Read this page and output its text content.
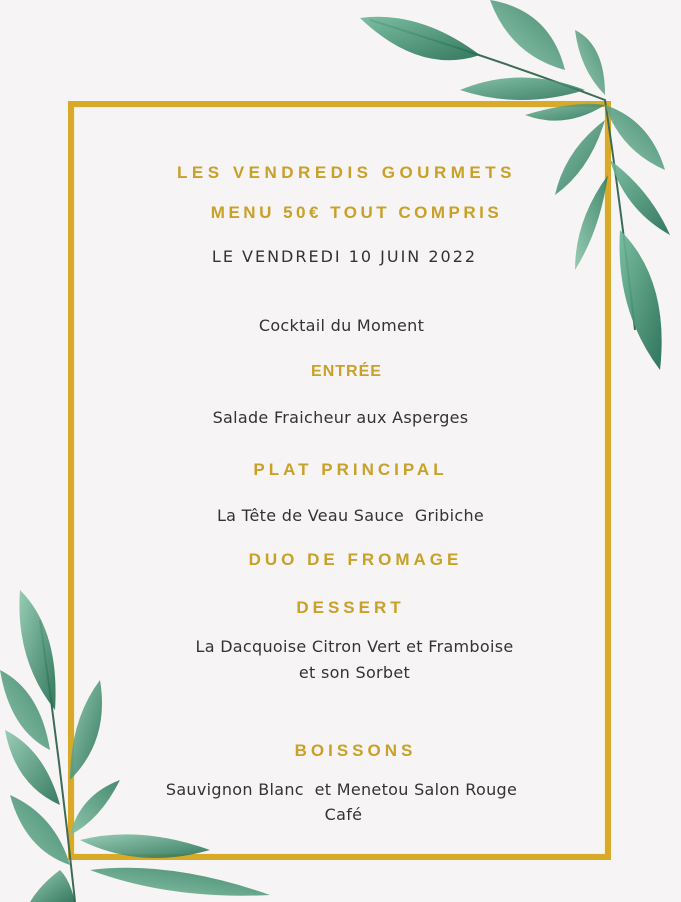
LES VENDREDIS GOURMETS

MENU 50€ TOUT COMPRIS

LE VENDREDI 10 JUIN 2022

Cocktail du Moment

ENTRÉE

Salade Fraicheur aux Asperges

PLAT PRINCIPAL

La Tête de Veau Sauce  Gribiche

DUO DE FROMAGE

DESSERT

La Dacquoise Citron Vert et Framboise

et son Sorbet

BOISSONS

Sauvignon Blanc  et Menetou Salon Rouge

Café
